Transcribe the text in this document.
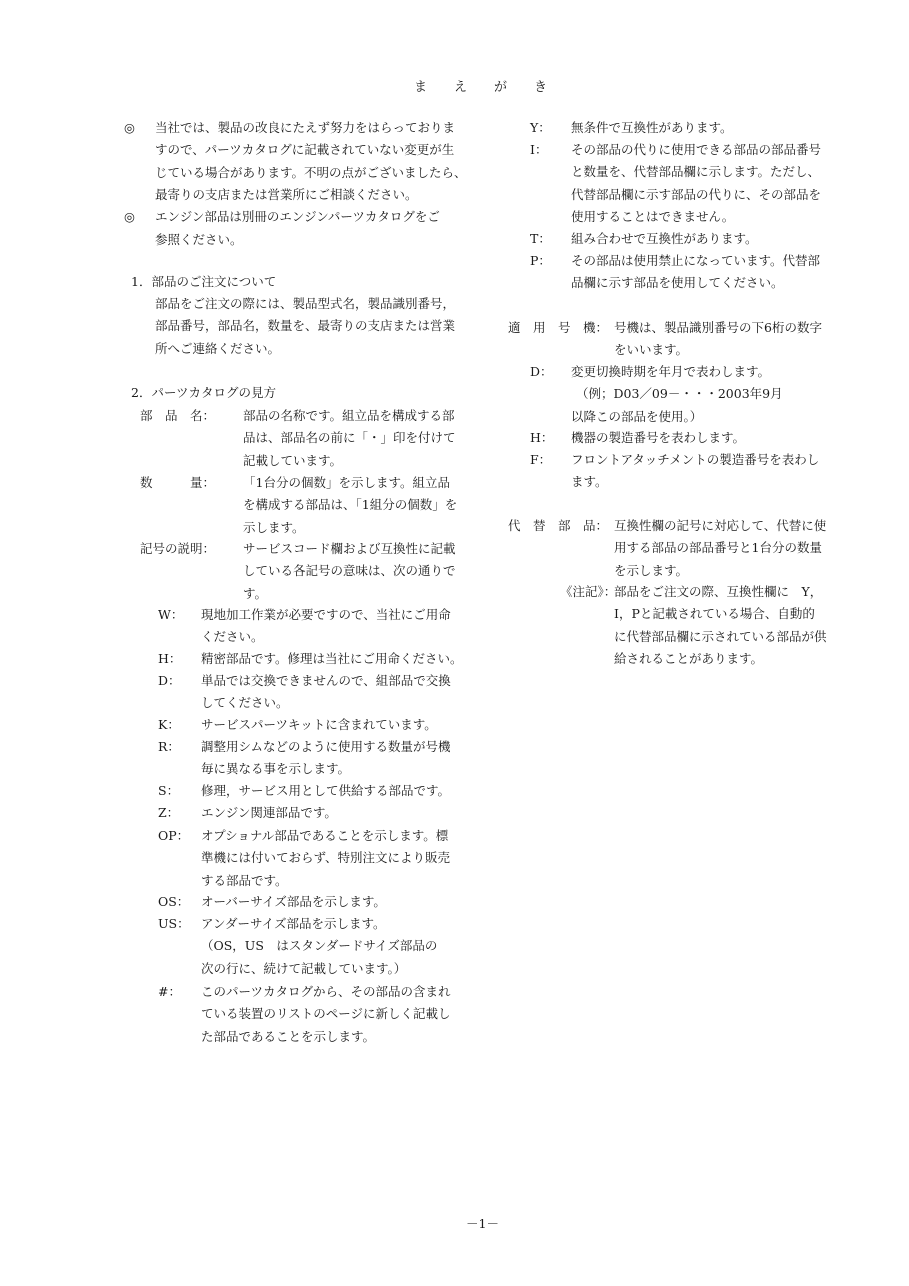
まえがき
◎ 当社では、製品の改良にたえず努力をはらっておりま
すので、パーツカタログに記載されていない変更が生
じている場合があります。不明の点がございましたら、
最寄りの支店または営業所にご相談ください。
◎ エンジン部品は別冊のエンジンパーツカタログをご
参照ください。
1．部品のご注文について
部品をご注文の際には、製品型式名，製品識別番号，
部品番号，部品名，数量を、最寄りの支店または営業
所へご連絡ください。
2．パーツカタログの見方
部　品　名： 部品の名称です。組立品を構成する部
品は、部品名の前に「・」印を付けて
記載しています。
数　　　量： 「1台分の個数」を示します。組立品
を構成する部品は、「1組分の個数」を
示します。
記号の説明： サービスコード欄および互換性に記載
している各記号の意味は、次の通りで
す。
W： 現地加工作業が必要ですので、当社にご用命
ください。
H： 精密部品です。修理は当社にご用命ください。
D： 単品では交換できませんので、組部品で交換
してください。
K： サービスパーツキットに含まれています。
R： 調整用シムなどのように使用する数量が号機
毎に異なる事を示します。
S： 修理，サービス用として供給する部品です。
Z： エンジン関連部品です。
OP： オプショナル部品であることを示します。標
準機には付いておらず、特別注文により販売
する部品です。
OS： オーバーサイズ部品を示します。
US： アンダーサイズ部品を示します。
（OS，US　はスタンダードサイズ部品の
次の行に、続けて記載しています。）
#： このパーツカタログから、その部品の含まれ
ている装置のリストのページに新しく記載し
た部品であることを示します。
Y： 無条件で互換性があります。
I： その部品の代りに使用できる部品の部品番号
と数量を、代替部品欄に示します。ただし、
代替部品欄に示す部品の代りに、その部品を
使用することはできません。
T： 組み合わせで互換性があります。
P： その部品は使用禁止になっています。代替部
品欄に示す部品を使用してください。
適　用　号　機： 号機は、製品識別番号の下6桁の数字
をいいます。
D： 変更切換時期を年月で表わします。
（例；D03／09－・・・2003年9月
以降この部品を使用。）
H： 機器の製造番号を表わします。
F： フロントアタッチメントの製造番号を表わし
ます。
代　替　部　品： 互換性欄の記号に対応して、代替に使
用する部品の部品番号と1台分の数量
を示します。
《注記》：
部品をご注文の際、互換性欄に　Y，
I，Pと記載されている場合、自動的
に代替部品欄に示されている部品が供
給されることがあります。
－1－
